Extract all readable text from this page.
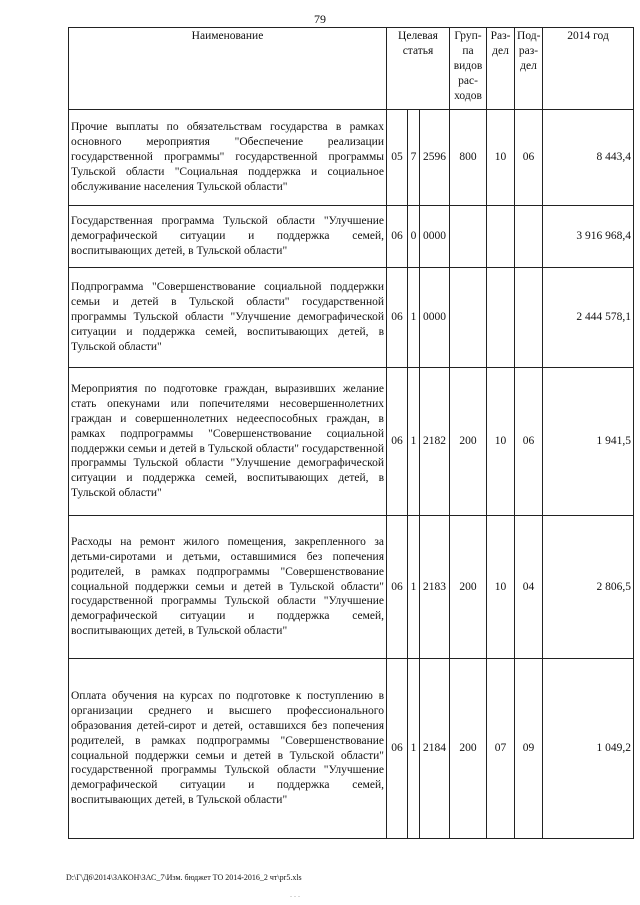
79
Наименование	Целевая статья			Груп-па видов рас-ходов	Раз-дел	Под-раз-дел	2014 год
Прочие выплаты по обязательствам государства в рамках основного мероприятия "Обеспечение реализации государственной программы" государственной программы Тульской области "Социальная поддержка и социальное обслуживание населения Тульской области"	05	7	2596	800	10	06	8 443,4
Государственная программа Тульской области "Улучшение демографической ситуации и поддержка семей, воспитывающих детей, в Тульской области"	06	0	0000				3 916 968,4
Подпрограмма "Совершенствование социальной поддержки семьи и детей в Тульской области" государственной программы Тульской области "Улучшение демографической ситуации и поддержка семей, воспитывающих детей, в Тульской области"	06	1	0000				2 444 578,1
Мероприятия по подготовке граждан, выразивших желание стать опекунами или попечителями несовершеннолетних граждан и совершеннолетних недееспособных граждан, в рамках подпрограммы "Совершенствование социальной поддержки семьи и детей в Тульской области" государственной программы Тульской области "Улучшение демографической ситуации и поддержка семей, воспитывающих детей, в Тульской области"	06	1	2182	200	10	06	1 941,5
Расходы на ремонт жилого помещения, закрепленного за детьми-сиротами и детьми, оставшимися без попечения родителей, в рамках подпрограммы "Совершенствование социальной поддержки семьи и детей в Тульской области" государственной программы Тульской области "Улучшение демографической ситуации и поддержка семей, воспитывающих детей, в Тульской области"	06	1	2183	200	10	04	2 806,5
Оплата обучения на курсах по подготовке к поступлению в организации среднего и высшего профессионального образования детей-сирот и детей, оставшихся без попечения родителей, в рамках подпрограммы "Совершенствование социальной поддержки семьи и детей в Тульской области" государственной программы Тульской области "Улучшение демографической ситуации и поддержка семей, воспитывающих детей, в Тульской области"	06	1	2184	200	07	09	1 049,2
D:\Г\Д6\2014\ЗАКОН\ЗАС_7\Изм. бюджет ТО 2014-2016_2 чт\pr5.xls
. . .
